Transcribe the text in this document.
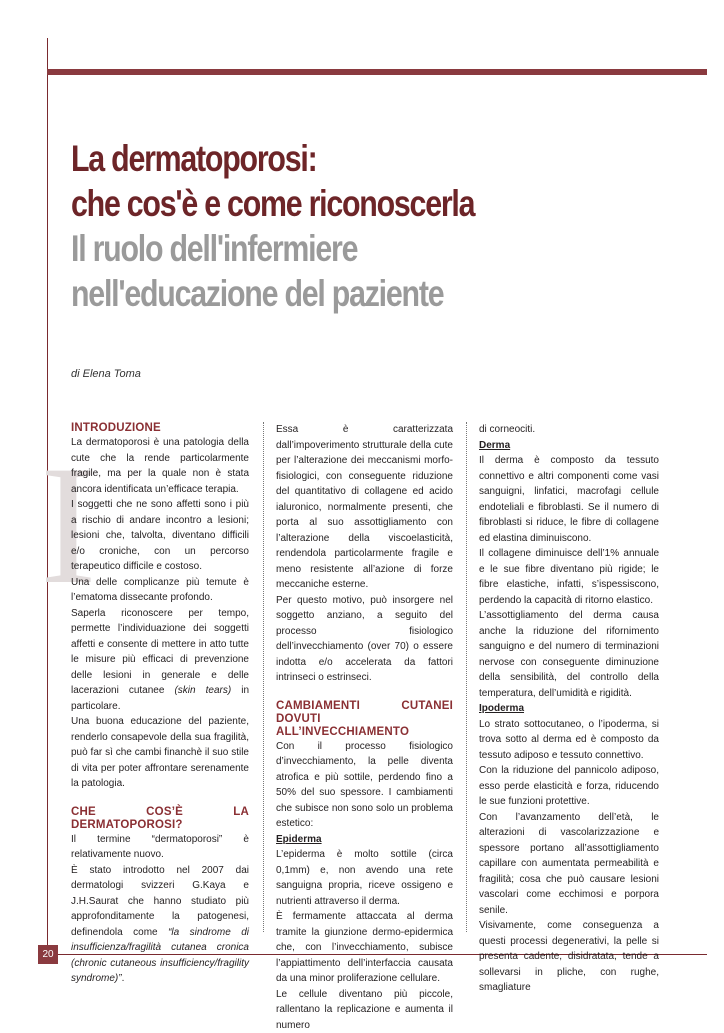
20
La dermatoporosi:
che cos'è e come riconoscerla
Il ruolo dell'infermiere
nell'educazione del paziente
di Elena Toma
I
INTRODUZIONE

La dermatoporosi è una patologia della cute che la rende particolarmente fragile, ma per la quale non è stata ancora identificata un’efficace terapia.

I soggetti che ne sono affetti sono i più a rischio di andare incontro a lesioni; lesioni che, talvolta, diventano difficili e/o croniche, con un percorso terapeutico difficile e costoso.

Una delle complicanze più temute è l’ematoma dissecante profondo.

Saperla riconoscere per tempo, permette l’individuazione dei soggetti affetti e consente di mettere in atto tutte le misure più efficaci di prevenzione delle lesioni in generale e delle lacerazioni cutanee (skin tears) in particolare.

Una buona educazione del paziente, renderlo consapevole della sua fragilità, può far sì che cambi financhè il suo stile di vita per poter affrontare serenamente la patologia.

CHE COS’È LA DERMATOPOROSI?

Il termine “dermatoporosi” è relativamente nuovo.

È stato introdotto nel 2007 dai dermatologi svizzeri G.Kaya e J.H.Saurat che hanno studiato più approfonditamente la patogenesi, definendola come “la sindrome di insufficienza/fragilità cutanea cronica (chronic cutaneous insufficiency/fragility syndrome)”.

Essa è caratterizzata dall’impoverimento strutturale della cute per l’alterazione dei meccanismi morfo-fisiologici, con conseguente riduzione del quantitativo di collagene ed acido ialuronico, normalmente presenti, che porta al suo assottigliamento con l’alterazione della viscoelasticità, rendendola particolarmente fragile e meno resistente all’azione di forze meccaniche esterne.

Per questo motivo, può insorgere nel soggetto anziano, a seguito del processo fisiologico dell’invecchiamento (over 70) o essere indotta e/o accelerata da fattori intrinseci o estrinseci.

CAMBIAMENTI CUTANEI DOVUTI ALL’INVECCHIAMENTO

Con il processo fisiologico d’invecchiamento, la pelle diventa atrofica e più sottile, perdendo fino a 50% del suo spessore. I cambiamenti che subisce non sono solo un problema estetico:

Epiderma

L’epiderma è molto sottile (circa 0,1mm) e, non avendo una rete sanguigna propria, riceve ossigeno e nutrienti attraverso il derma.

È fermamente attaccata al derma tramite la giunzione dermo-epidermica che, con l’invecchiamento, subisce l’appiattimento dell’interfaccia causata da una minor proliferazione cellulare.

Le cellule diventano più piccole, rallentano la replicazione e aumenta il numero

di corneociti.

Derma

Il derma è composto da tessuto connettivo e altri componenti come vasi sanguigni, linfatici, macrofagi cellule endoteliali e fibroblasti. Se il numero di fibroblasti si riduce, le fibre di collagene ed elastina diminuiscono.

Il collagene diminuisce dell’1% annuale e le sue fibre diventano più rigide; le fibre elastiche, infatti, s’ispessiscono, perdendo la capacità di ritorno elastico.

L’assottigliamento del derma causa anche la riduzione del rifornimento sanguigno e del numero di terminazioni nervose con conseguente diminuzione della sensibilità, del controllo della temperatura, dell’umidità e rigidità.

Ipoderma

Lo strato sottocutaneo, o l’ipoderma, si trova sotto al derma ed è composto da tessuto adiposo e tessuto connettivo.

Con la riduzione del pannicolo adiposo, esso perde elasticità e forza, riducendo le sue funzioni protettive.

Con l’avanzamento dell’età, le alterazioni di vascolarizzazione e spessore portano all’assottigliamento capillare con aumentata permeabilità e fragilità; cosa che può causare lesioni vascolari come ecchimosi e porpora senile.

Visivamente, come conseguenza a questi processi degenerativi, la pelle si presenta cadente, disidratata, tende a sollevarsi in pliche, con rughe, smagliature
